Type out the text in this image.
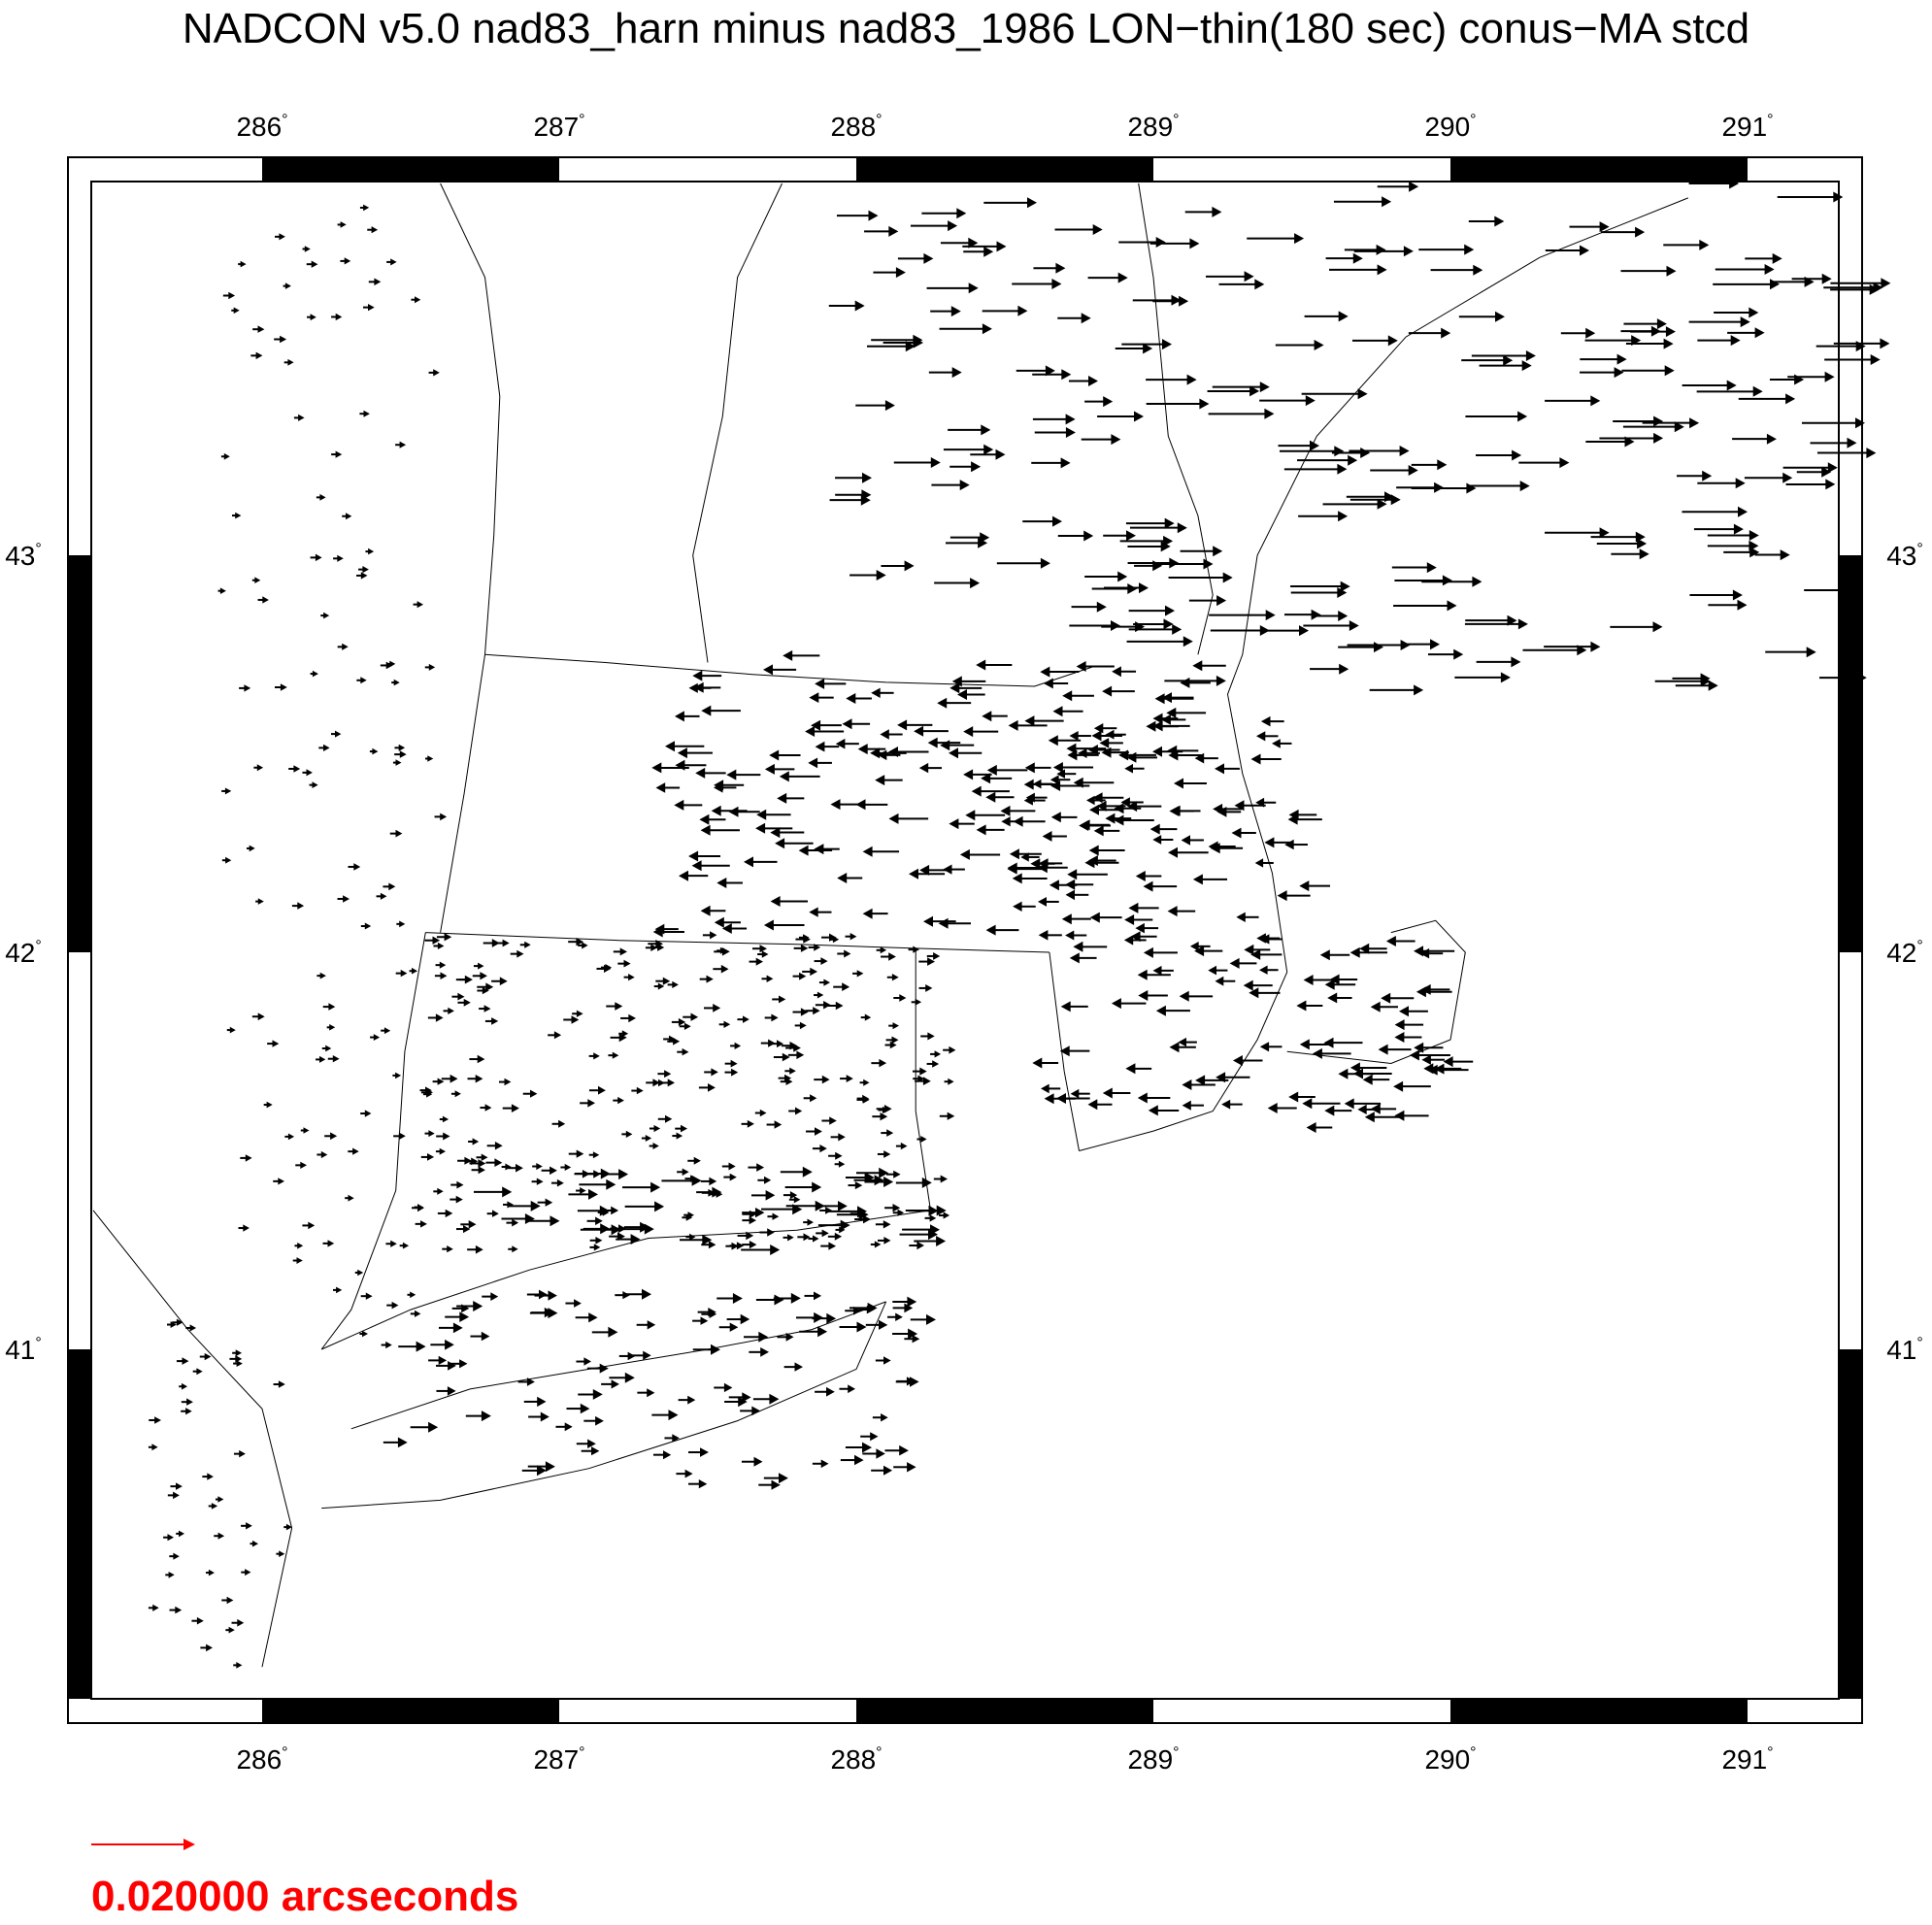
NADCON v5.0 nad83_harn minus nad83_1986 LON−thin(180 sec) conus−MA stcd
286°
286°
287°
287°
288°
288°
289°
289°
290°
290°
291°
291°
41°	41°
42°	42°
43°	43°
0.020000 arcseconds
